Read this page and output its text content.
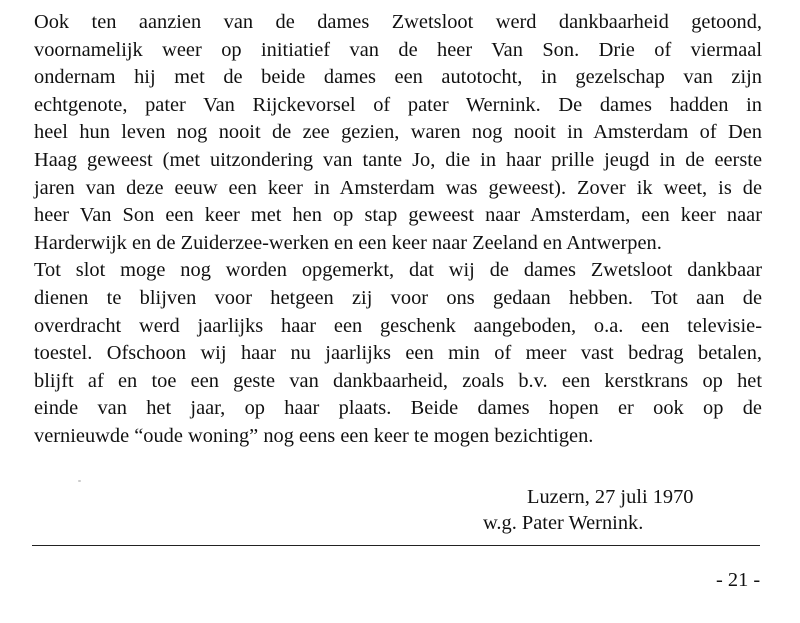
Ook ten aanzien van de dames Zwetsloot werd dankbaarheid getoond,
voornamelijk weer op initiatief van de heer Van Son. Drie of viermaal
ondernam hij met de beide dames een autotocht, in gezelschap van zijn
echtgenote, pater Van Rijckevorsel of pater Wernink. De dames hadden in
heel hun leven nog nooit de zee gezien, waren nog nooit in Amsterdam of Den
Haag geweest (met uitzondering van tante Jo, die in haar prille jeugd in de eerste
jaren van deze eeuw een keer in Amsterdam was geweest). Zover ik weet, is de
heer Van Son een keer met hen op stap geweest naar Amsterdam, een keer naar
Harderwijk en de Zuiderzee-werken en een keer naar Zeeland en Antwerpen.
Tot slot moge nog worden opgemerkt, dat wij de dames Zwetsloot dankbaar
dienen te blijven voor hetgeen zij voor ons gedaan hebben. Tot aan de
overdracht werd jaarlijks haar een geschenk aangeboden, o.a. een televisie-
toestel. Ofschoon wij haar nu jaarlijks een min of meer vast bedrag betalen,
blijft af en toe een geste van dankbaarheid, zoals b.v. een kerstkrans op het
einde van het jaar, op haar plaats. Beide dames hopen er ook op de
vernieuwde “oude woning” nog eens een keer te mogen bezichtigen.
Luzern, 27 juli 1970
w.g. Pater Wernink.
- 21 -
